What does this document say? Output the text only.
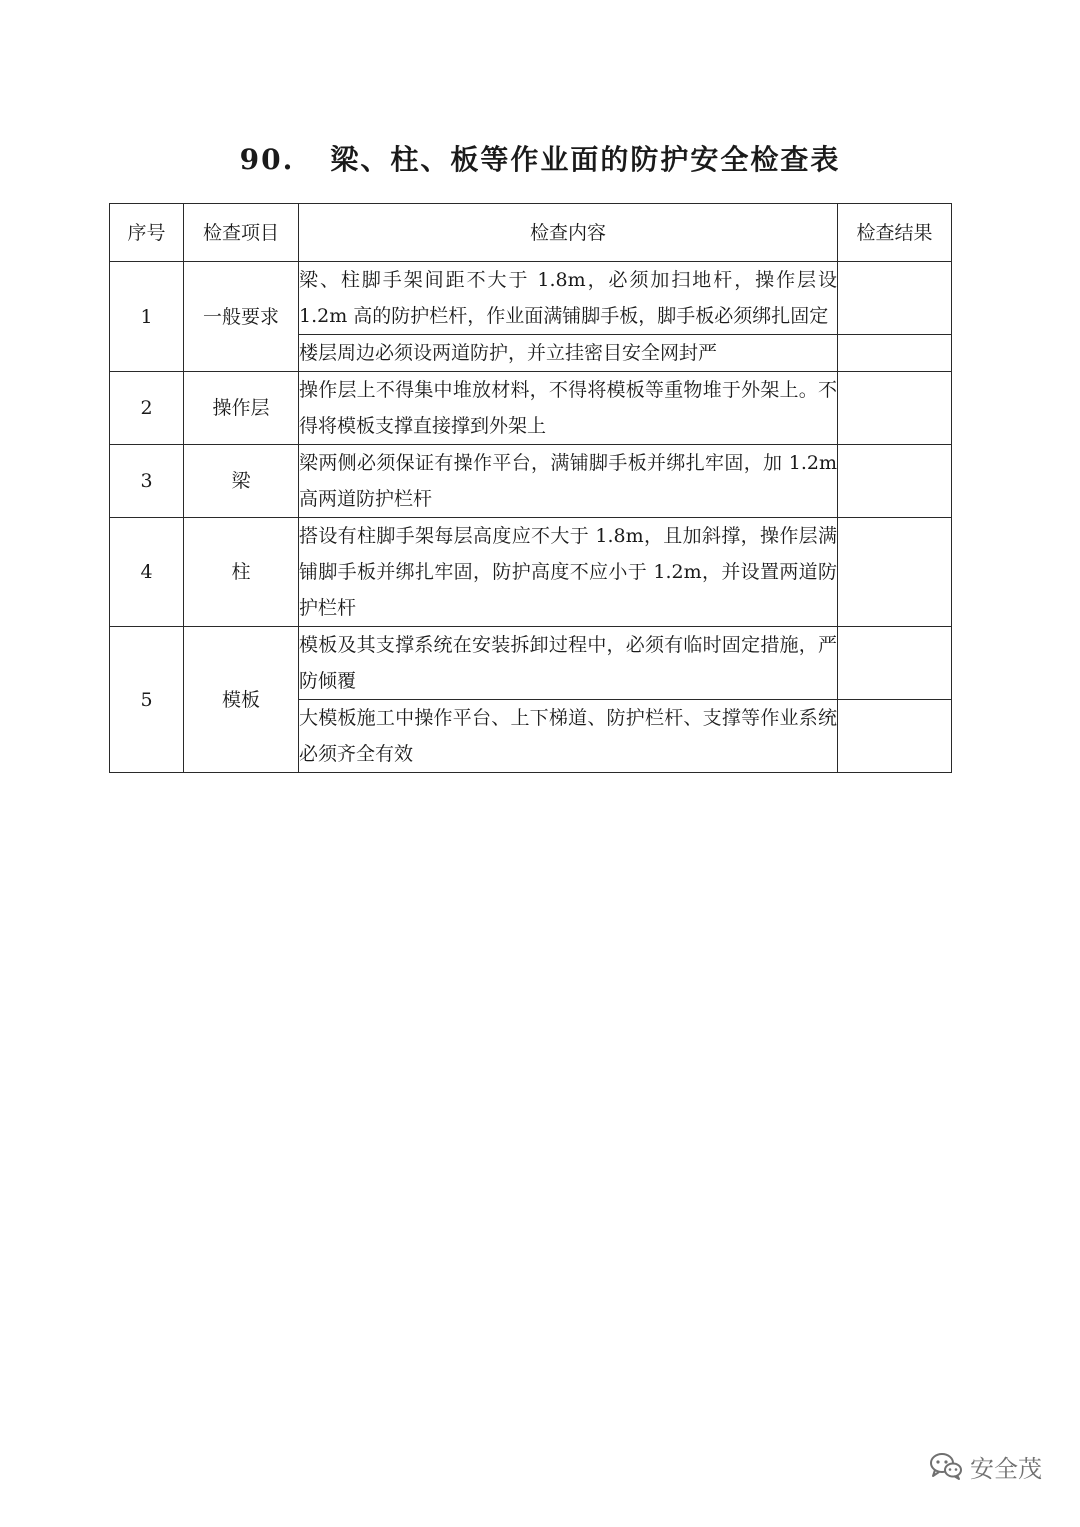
90. 梁、柱、板等作业面的防护安全检查表
序号	检查项目	检查内容	检查结果
1	一般要求	梁、柱脚手架间距不大于 1.8m，必须加扫地杆，操作层设 1.2m 高的防护栏杆，作业面满铺脚手板，脚手板必须绑扎固定	
		楼层周边必须设两道防护，并立挂密目安全网封严	
2	操作层	操作层上不得集中堆放材料，不得将模板等重物堆于外架上。不得将模板支撑直接撑到外架上	
3	梁	梁两侧必须保证有操作平台，满铺脚手板并绑扎牢固，加 1.2m 高两道防护栏杆	
4	柱	搭设有柱脚手架每层高度应不大于 1.8m，且加斜撑，操作层满铺脚手板并绑扎牢固，防护高度不应小于 1.2m，并设置两道防护栏杆	
5	模板	模板及其支撑系统在安装拆卸过程中，必须有临时固定措施，严防倾覆	
		大模板施工中操作平台、上下梯道、防护栏杆、支撑等作业系统必须齐全有效	
安全茂
